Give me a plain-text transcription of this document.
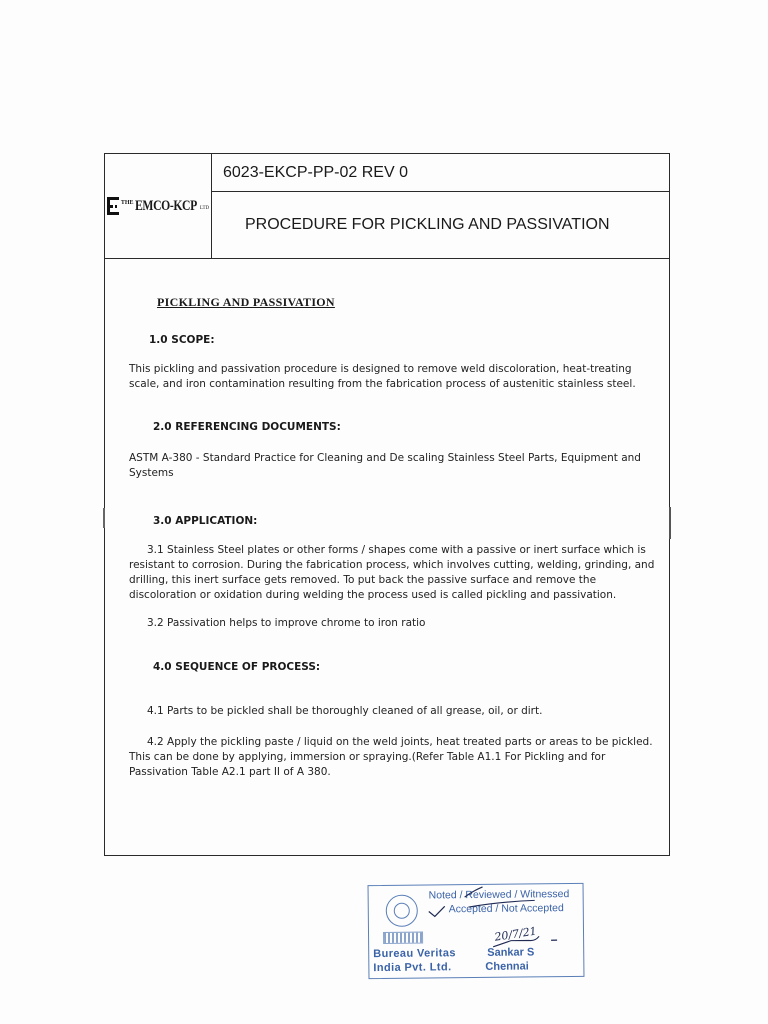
THE EMCO-KCP LTD
6023-EKCP-PP-02 REV 0
PROCEDURE FOR PICKLING AND PASSIVATION
PICKLING AND PASSIVATION
1.0 SCOPE:
This pickling and passivation procedure is designed to remove weld discoloration, heat-treating scale, and iron contamination resulting from the fabrication process of austenitic stainless steel.
2.0 REFERENCING DOCUMENTS:
ASTM A-380 - Standard Practice for Cleaning and De scaling Stainless Steel Parts, Equipment and Systems
3.0 APPLICATION:
3.1 Stainless Steel plates or other forms / shapes come with a passive or inert surface which is resistant to corrosion. During the fabrication process, which involves cutting, welding, grinding, and drilling, this inert surface gets removed. To put back the passive surface and remove the discoloration or oxidation during welding the process used is called pickling and passivation.
3.2 Passivation helps to improve chrome to iron ratio
4.0 SEQUENCE OF PROCESS:
4.1 Parts to be pickled shall be thoroughly cleaned of all grease, oil, or dirt.
4.2 Apply the pickling paste / liquid on the weld joints, heat treated parts or areas to be pickled. This can be done by applying, immersion or spraying.(Refer Table A1.1 For Pickling and for Passivation Table A2.1 part II of A 380.
Noted / Reviewed / Witnessed
Accepted / Not Accepted
Bureau Veritas
India Pvt. Ltd.
Sankar S
Chennai
20/7/21
